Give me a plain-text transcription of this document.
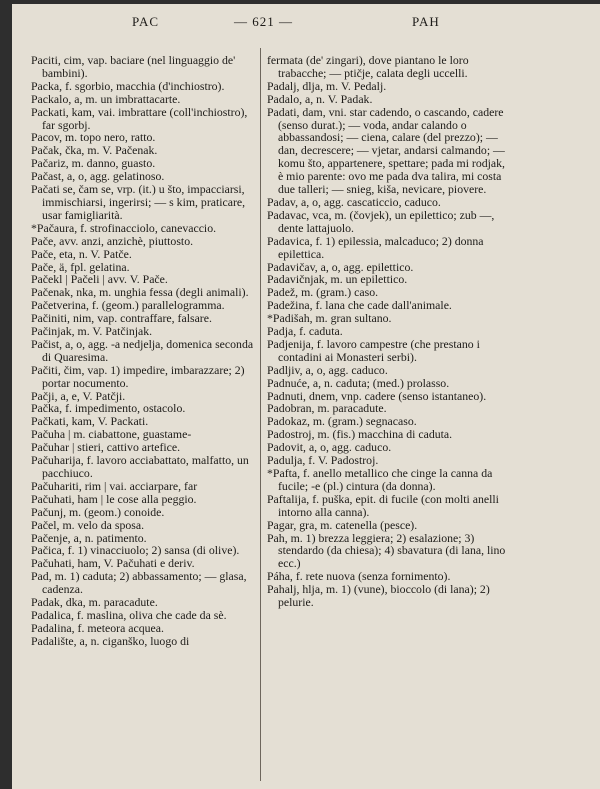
PAC	— 621 —	PAH

Paciti, cim, vap. baciare (nel linguaggio de' bambini).

Packa, f. sgorbio, macchia (d'inchiostro).

Packalo, a, m. un imbrattacarte.

Packati, kam, vai. imbrattare (coll'inchiostro), far sgorbj.

Pacov, m. topo nero, ratto.

Pačak, čka, m. V. Pačenak.

Pačariz, m. danno, guasto.

Pačast, a, o, agg. gelatinoso.

Pačati se, čam se, vrp. (it.) u što, impacciarsi, immischiarsi, ingerirsi; — s kim, praticare, usar famigliarità.

*Pačaura, f. strofinacciolo, canevaccio.

Pače, avv. anzi, anzichè, piuttosto.

Pače, eta, n. V. Patče.

Pače, ä, fpl. gelatina.

Pačekl | Pačeli | avv. V. Pače.

Pačenak, nka, m. unghia fessa (degli animali).

Pačetverina, f. (geom.) parallelogramma.

Pačiniti, nim, vap. contraffare, falsare.

Pačinjak, m. V. Patčinjak.

Pačist, a, o, agg. -a nedjelja, domenica seconda di Quaresima.

Pačiti, čim, vap. 1) impedire, imbarazzare; 2) portar nocumento.

Pačji, a, e, V. Patčji.

Pačka, f. impedimento, ostacolo.

Pačkati, kam, V. Packati.

Pačuha | m. ciabattone, guastame-

Pačuhar | stieri, cattivo artefice.

Pačuharija, f. lavoro acciabattato, malfatto, un pacchiuco.

Pačuhariti, rim | vai. acciarpare, far

Pačuhati, ham | le cose alla peggio.

Pačunj, m. (geom.) conoide.

Pačel, m. velo da sposa.

Pačenje, a, n. patimento.

Pačica, f. 1) vinacciuolo; 2) sansa (di olive).

Pačuhati, ham, V. Pačuhati e deriv.

Pad, m. 1) caduta; 2) abbassamento; — glasa, cadenza.

Padak, dka, m. paracadute.

Padalica, f. maslina, oliva che cade da sè.

Padalina, f. meteora acquea.

Padalište, a, n. ciganško, luogo di

fermata (de' zingari), dove piantano le loro trabacche; — ptičje, calata degli uccelli.

Padalj, dlja, m. V. Pedalj.

Padalo, a, n. V. Padak.

Padati, dam, vni. star cadendo, o cascando, cadere (senso durat.); — voda, andar calando o abbassandosi; — ciena, calare (del prezzo); — dan, decrescere; — vjetar, andarsi calmando; — komu što, appartenere, spettare; pada mi rodjak, è mio parente: ovo me pada dva talira, mi costa due talleri; — snieg, kiša, nevicare, piovere.

Padav, a, o, agg. cascaticcio, caduco.

Padavac, vca, m. (čovjek), un epilettico; zub —, dente lattajuolo.

Padavica, f. 1) epilessia, malcaduco; 2) donna epilettica.

Padavičav, a, o, agg. epilettico.

Padavičnjak, m. un epilettico.

Padež, m. (gram.) caso.

Padežina, f. lana che cade dall'animale.

*Padišah, m. gran sultano.

Padja, f. caduta.

Padjenija, f. lavoro campestre (che prestano i contadini ai Monasteri serbi).

Padljiv, a, o, agg. caduco.

Padnuće, a, n. caduta; (med.) prolasso.

Padnuti, dnem, vnp. cadere (senso istantaneo).

Padobran, m. paracadute.

Padokaz, m. (gram.) segnacaso.

Padostroj, m. (fis.) macchina di caduta.

Padovit, a, o, agg. caduco.

Padulja, f. V. Padostroj.

*Pafta, f. anello metallico che cinge la canna da fucile; -e (pl.) cintura (da donna).

Paftalija, f. puška, epit. di fucile (con molti anelli intorno alla canna).

Pagar, gra, m. catenella (pesce).

Pah, m. 1) brezza leggiera; 2) esalazione; 3) stendardo (da chiesa); 4) sbavatura (di lana, lino ecc.)

Páha, f. rete nuova (senza fornimento).

Pahalj, hlja, m. 1) (vune), bioccolo (di lana); 2) pelurie.
